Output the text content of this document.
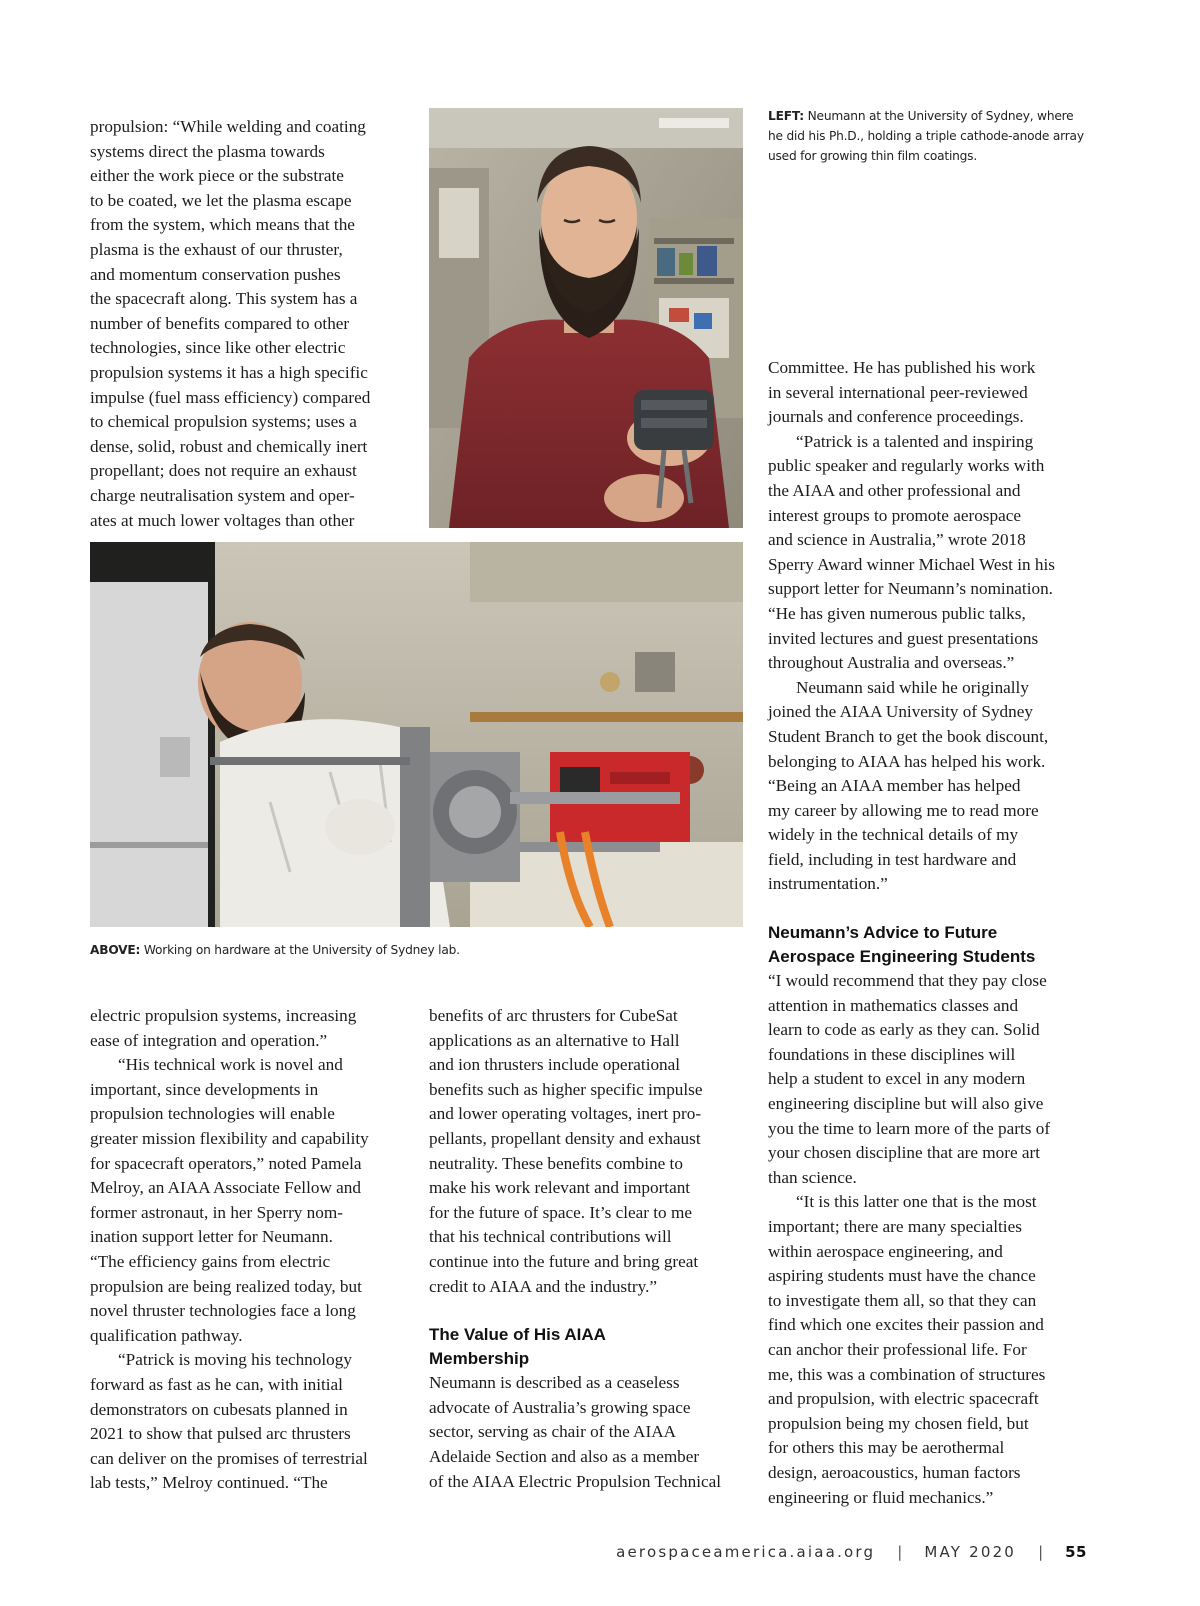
propulsion: “While welding and coating

systems direct the plasma towards

either the work piece or the substrate

to be coated, we let the plasma escape

from the system, which means that the

plasma is the exhaust of our thruster,

and momentum conservation pushes

the spacecraft along. This system has a

number of benefits compared to other

technologies, since like other electric

propulsion systems it has a high specific

impulse (fuel mass efficiency) compared

to chemical propulsion systems; uses a

dense, solid, robust and chemically inert

propellant; does not require an exhaust

charge neutralisation system and oper-

ates at much lower voltages than other

LEFT: Neumann at the University of Sydney, where he did his Ph.D., holding a triple cathode-anode array used for growing thin film coatings.
ABOVE: Working on hardware at the University of Sydney lab.

electric propulsion systems, increasing

ease of integration and operation.”

“His technical work is novel and

important, since developments in

propulsion technologies will enable

greater mission flexibility and capability

for spacecraft operators,” noted Pamela

Melroy, an AIAA Associate Fellow and

former astronaut, in her Sperry nom-

ination support letter for Neumann.

“The efficiency gains from electric

propulsion are being realized today, but

novel thruster technologies face a long

qualification pathway.

“Patrick is moving his technology

forward as fast as he can, with initial

demonstrators on cubesats planned in

2021 to show that pulsed arc thrusters

can deliver on the promises of terrestrial

lab tests,” Melroy continued. “The

benefits of arc thrusters for CubeSat

applications as an alternative to Hall

and ion thrusters include operational

benefits such as higher specific impulse

and lower operating voltages, inert pro-

pellants, propellant density and exhaust

neutrality. These benefits combine to

make his work relevant and important

for the future of space. It’s clear to me

that his technical contributions will

continue into the future and bring great

credit to AIAA and the industry.”

The Value of His AIAA

Membership

Neumann is described as a ceaseless

advocate of Australia’s growing space

sector, serving as chair of the AIAA

Adelaide Section and also as a member

of the AIAA Electric Propulsion Technical

Committee. He has published his work

in several international peer-reviewed

journals and conference proceedings.

“Patrick is a talented and inspiring

public speaker and regularly works with

the AIAA and other professional and

interest groups to promote aerospace

and science in Australia,” wrote 2018

Sperry Award winner Michael West in his

support letter for Neumann’s nomination.

“He has given numerous public talks,

invited lectures and guest presentations

throughout Australia and overseas.”

Neumann said while he originally

joined the AIAA University of Sydney

Student Branch to get the book discount,

belonging to AIAA has helped his work.

“Being an AIAA member has helped

my career by allowing me to read more

widely in the technical details of my

field, including in test hardware and

instrumentation.”

Neumann’s Advice to Future

Aerospace Engineering Students

“I would recommend that they pay close

attention in mathematics classes and

learn to code as early as they can. Solid

foundations in these disciplines will

help a student to excel in any modern

engineering discipline but will also give

you the time to learn more of the parts of

your chosen discipline that are more art

than science.

“It is this latter one that is the most

important; there are many specialties

within aerospace engineering, and

aspiring students must have the chance

to investigate them all, so that they can

find which one excites their passion and

can anchor their professional life. For

me, this was a combination of structures

and propulsion, with electric spacecraft

propulsion being my chosen field, but

for others this may be aerothermal

design, aeroacoustics, human factors

engineering or fluid mechanics.”

aerospaceamerica.aiaa.org | MAY 2020 | 55
